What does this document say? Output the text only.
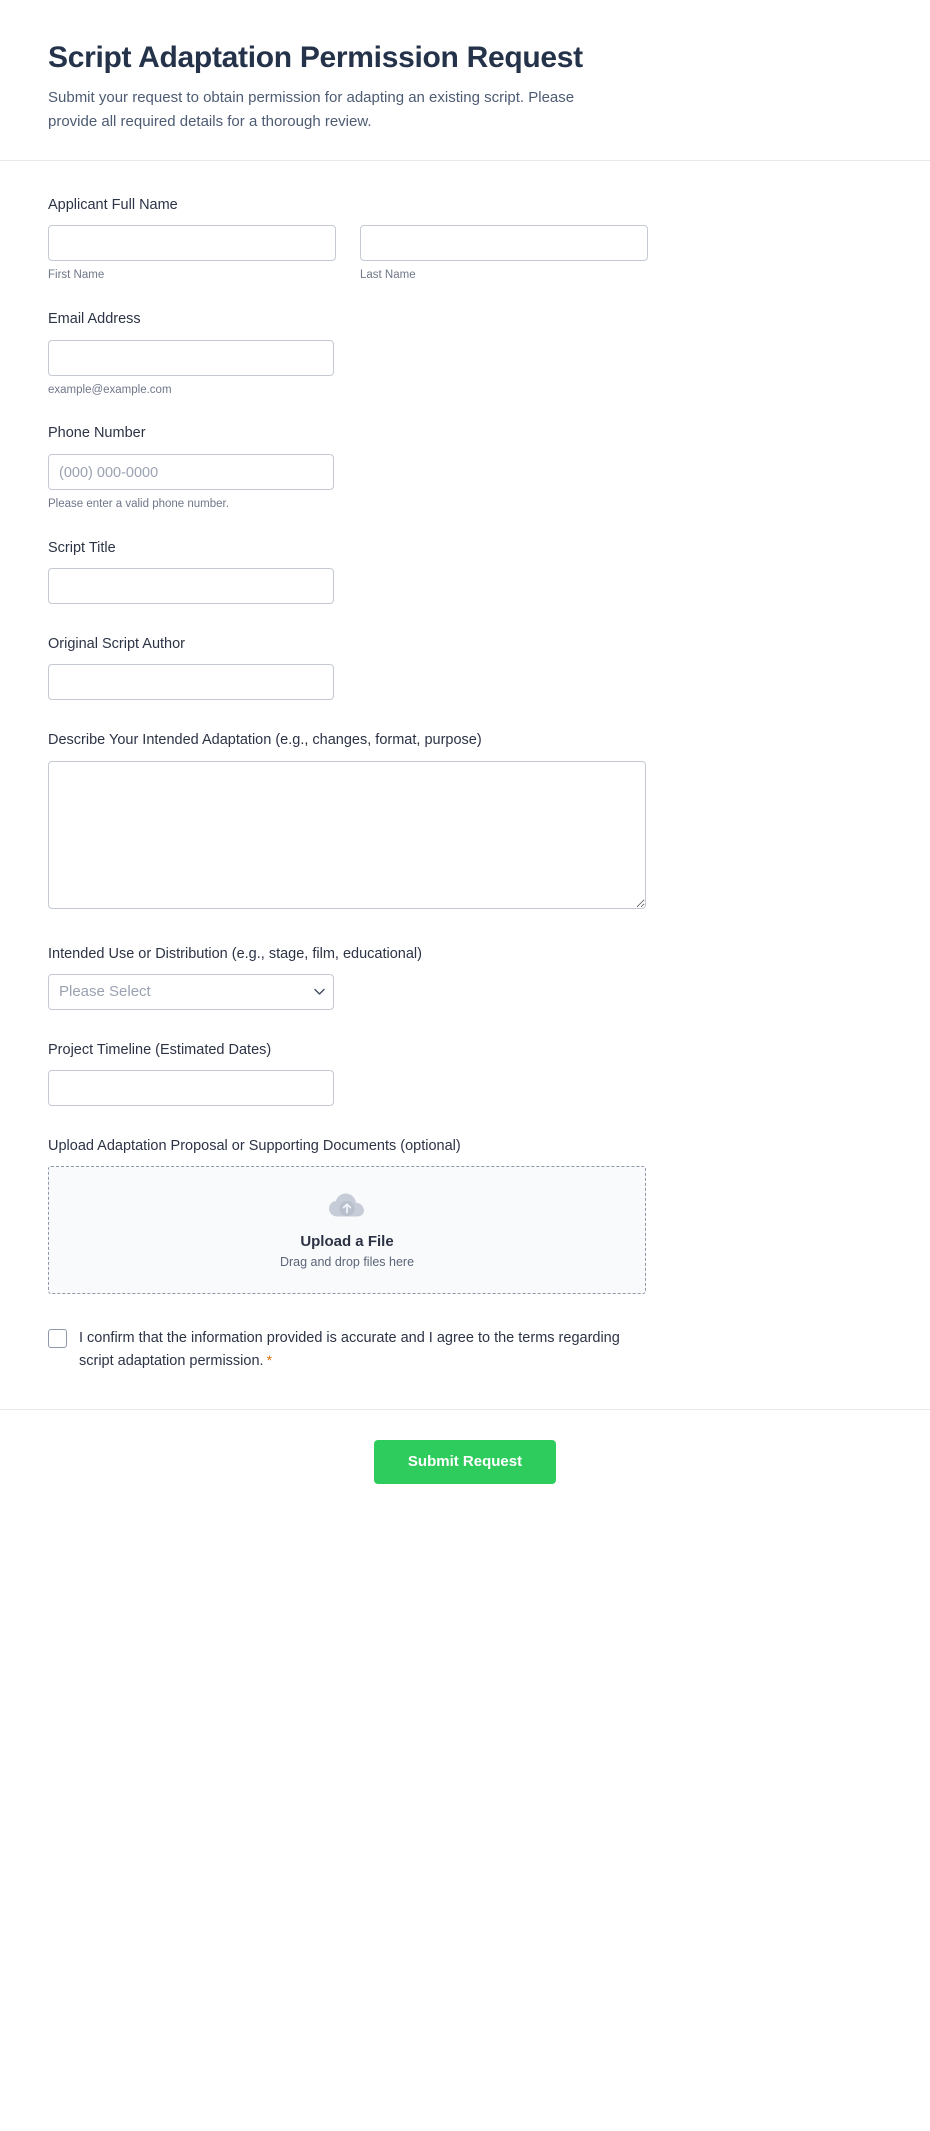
Script Adaptation Permission Request

Submit your request to obtain permission for adapting an existing script. Please provide all required details for a thorough review.

Applicant Full Name
First Name	Last Name
Email Address
example@example.com
Phone Number
(000) 000-0000
Please enter a valid phone number.
Script Title
Original Script Author
Describe Your Intended Adaptation (e.g., changes, format, purpose)
Intended Use or Distribution (e.g., stage, film, educational)
Please Select
Project Timeline (Estimated Dates)
Upload Adaptation Proposal or Supporting Documents (optional)
Upload a File
Drag and drop files here
I confirm that the information provided is accurate and I agree to the terms regarding script adaptation permission. *
Submit Request
